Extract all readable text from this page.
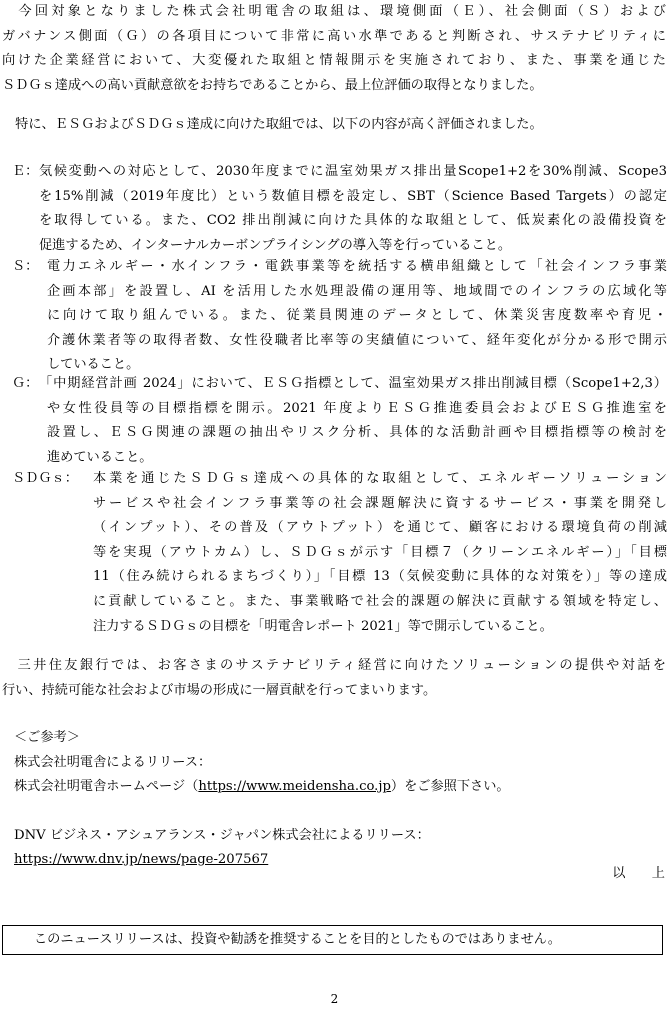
　今回対象となりました株式会社明電舎の取組は、環境側面（Ｅ）、社会側面（Ｓ）および
ガバナンス側面（Ｇ）の各項目について非常に高い水準であると判断され、サステナビリティに
向けた企業経営において、大変優れた取組と情報開示を実施されており、また、事業を通じた
ＳＤＧｓ達成への高い貢献意欲をお持ちであることから、最上位評価の取得となりました。
　特に、ＥＳＧおよびＳＤＧｓ達成に向けた取組では、以下の内容が高く評価されました。
Ｅ： 気候変動への対応として、2030年度までに温室効果ガス排出量Scope1+2を30%削減、Scope3
を15%削減（2019年度比）という数値目標を設定し、SBT（Science Based Targets）の認定
を取得している。また、CO2 排出削減に向けた具体的な取組として、低炭素化の設備投資を
促進するため、インターナルカーボンプライシングの導入等を行っていること。
Ｓ： 電力エネルギー・水インフラ・電鉄事業等を統括する横串組織として「社会インフラ事業
企画本部」を設置し、AI を活用した水処理設備の運用等、地域間でのインフラの広域化等
に向けて取り組んでいる。また、従業員関連のデータとして、休業災害度数率や育児・
介護休業者等の取得者数、女性役職者比率等の実績値について、経年変化が分かる形で開示
していること。
Ｇ： 「中期経営計画 2024」において、ＥＳＧ指標として、温室効果ガス排出削減目標（Scope1+2,3）
や女性役員等の目標指標を開示。2021 年度よりＥＳＧ推進委員会およびＥＳＧ推進室を
設置し、ＥＳＧ関連の課題の抽出やリスク分析、具体的な活動計画や目標指標等の検討を
進めていること。
ＳＤＧｓ： 本業を通じたＳＤＧｓ達成への具体的な取組として、エネルギーソリューション
サービスや社会インフラ事業等の社会課題解決に資するサービス・事業を開発し
（インプット）、その普及（アウトプット）を通じて、顧客における環境負荷の削減
等を実現（アウトカム）し、ＳＤＧｓが示す「目標７（クリーンエネルギー）」「目標
11（住み続けられるまちづくり）」「目標 13（気候変動に具体的な対策を）」等の達成
に貢献していること。また、事業戦略で社会的課題の解決に貢献する領域を特定し、
注力するＳＤＧｓの目標を「明電舎レポート 2021」等で開示していること。
　三井住友銀行では、お客さまのサステナビリティ経営に向けたソリューションの提供や対話を
行い、持続可能な社会および市場の形成に一層貢献を行ってまいります。
＜ご参考＞
株式会社明電舎によるリリース：
株式会社明電舎ホームページ（https://www.meidensha.co.jp）をご参照下さい。
DNV ビジネス・アシュアランス・ジャパン株式会社によるリリース：
https://www.dnv.jp/news/page-207567
以　　上
このニュースリリースは、投資や勧誘を推奨することを目的としたものではありません。
2
